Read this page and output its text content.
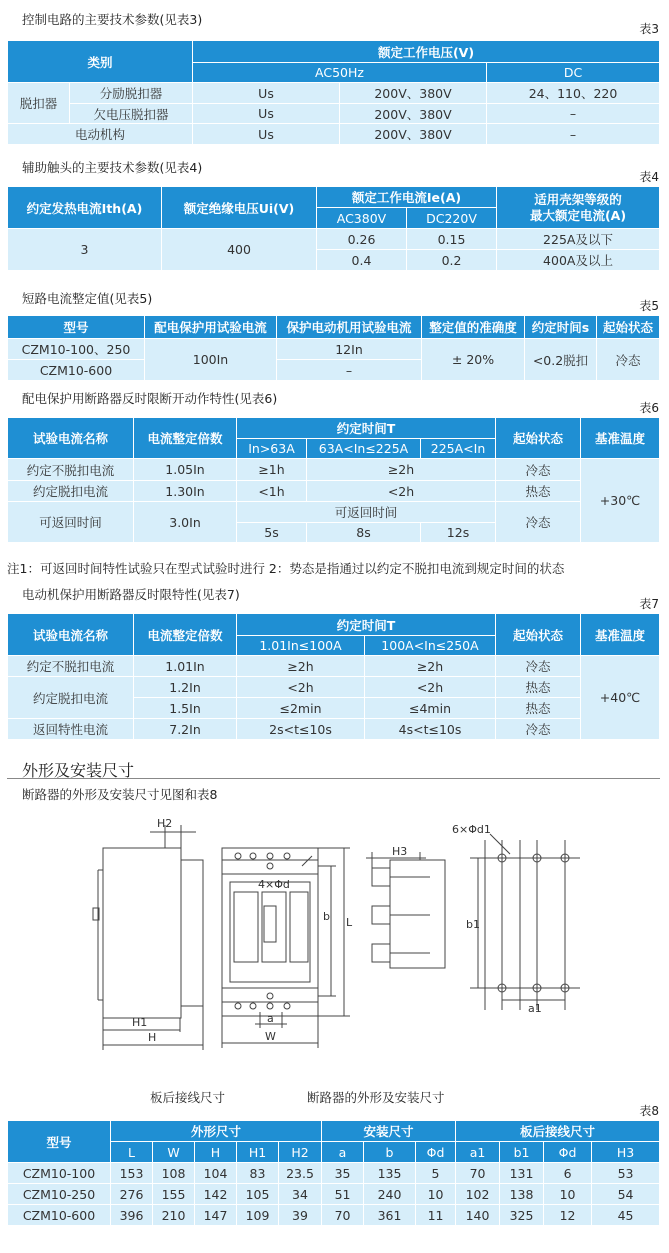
控制电路的主要技术参数(见表3)
表3
类别		额定工作电压(V)		
		AC50Hz		DC
脱扣器	分励脱扣器	Us	200V、380V	24、110、220
	欠电压脱扣器	Us	200V、380V	–
电动机构		Us	200V、380V	–
辅助触头的主要技术参数(见表4)
表4
约定发热电流Ith(A)	额定绝缘电压Ui(V)	额定工作电流Ie(A)		适用壳架等级的
最大额定电流(A)
		AC380V	DC220V	
3	400	0.26	0.15	225A及以下
		0.4	0.2	400A及以上
短路电流整定值(见表5)	表5
型号	配电保护用试验电流	保护电动机用试验电流	整定值的准确度	约定时间s	起始状态
CZM10-100、250	100In	12In	± 20%	<0.2脱扣	冷态
CZM10-600		–			
配电保护用断路器反时限断开动作特性(见表6)
表6
试验电流名称	电流整定倍数	约定时间T			起始状态	基准温度
		In>63A	63A<In≤225A	225A<In		
约定不脱扣电流	1.05In	≥1h	≥2h		冷态	+30℃
约定脱扣电流	1.30In	<1h	<2h		热态	
可返回时间	3.0In	可返回时间			冷态	
		5s	8s	12s		
注1：可返回时间特性试验只在型式试验时进行 2：势态是指通过以约定不脱扣电流到规定时间的状态
电动机保护用断路器反时限特性(见表7)
表7
试验电流名称	电流整定倍数	约定时间T		起始状态	基准温度
		1.01In≤100A	100A<In≤250A		
约定不脱扣电流	1.01In	≥2h	≥2h	冷态	+40℃
约定脱扣电流	1.2In	<2h	<2h	热态	
	1.5In	≤2min	≤4min	热态	
返回特性电流	7.2In	2s<t≤10s	4s<t≤10s	冷态	
外形及安装尺寸
断路器的外形及安装尺寸见图和表8
H2
H1
H
a
W
L
b
4×Φd
H3
6×Φd1
b1
a1
板后接线尺寸	断路器的外形及安装尺寸
表8
型号	外形尺寸					安装尺寸			板后接线尺寸			
	L	W	H	H1	H2	a	b	Φd	a1	b1	Φd	H3
CZM10-100	153	108	104	83	23.5	35	135	5	70	131	6	53
CZM10-250	276	155	142	105	34	51	240	10	102	138	10	54
CZM10-600	396	210	147	109	39	70	361	11	140	325	12	45
